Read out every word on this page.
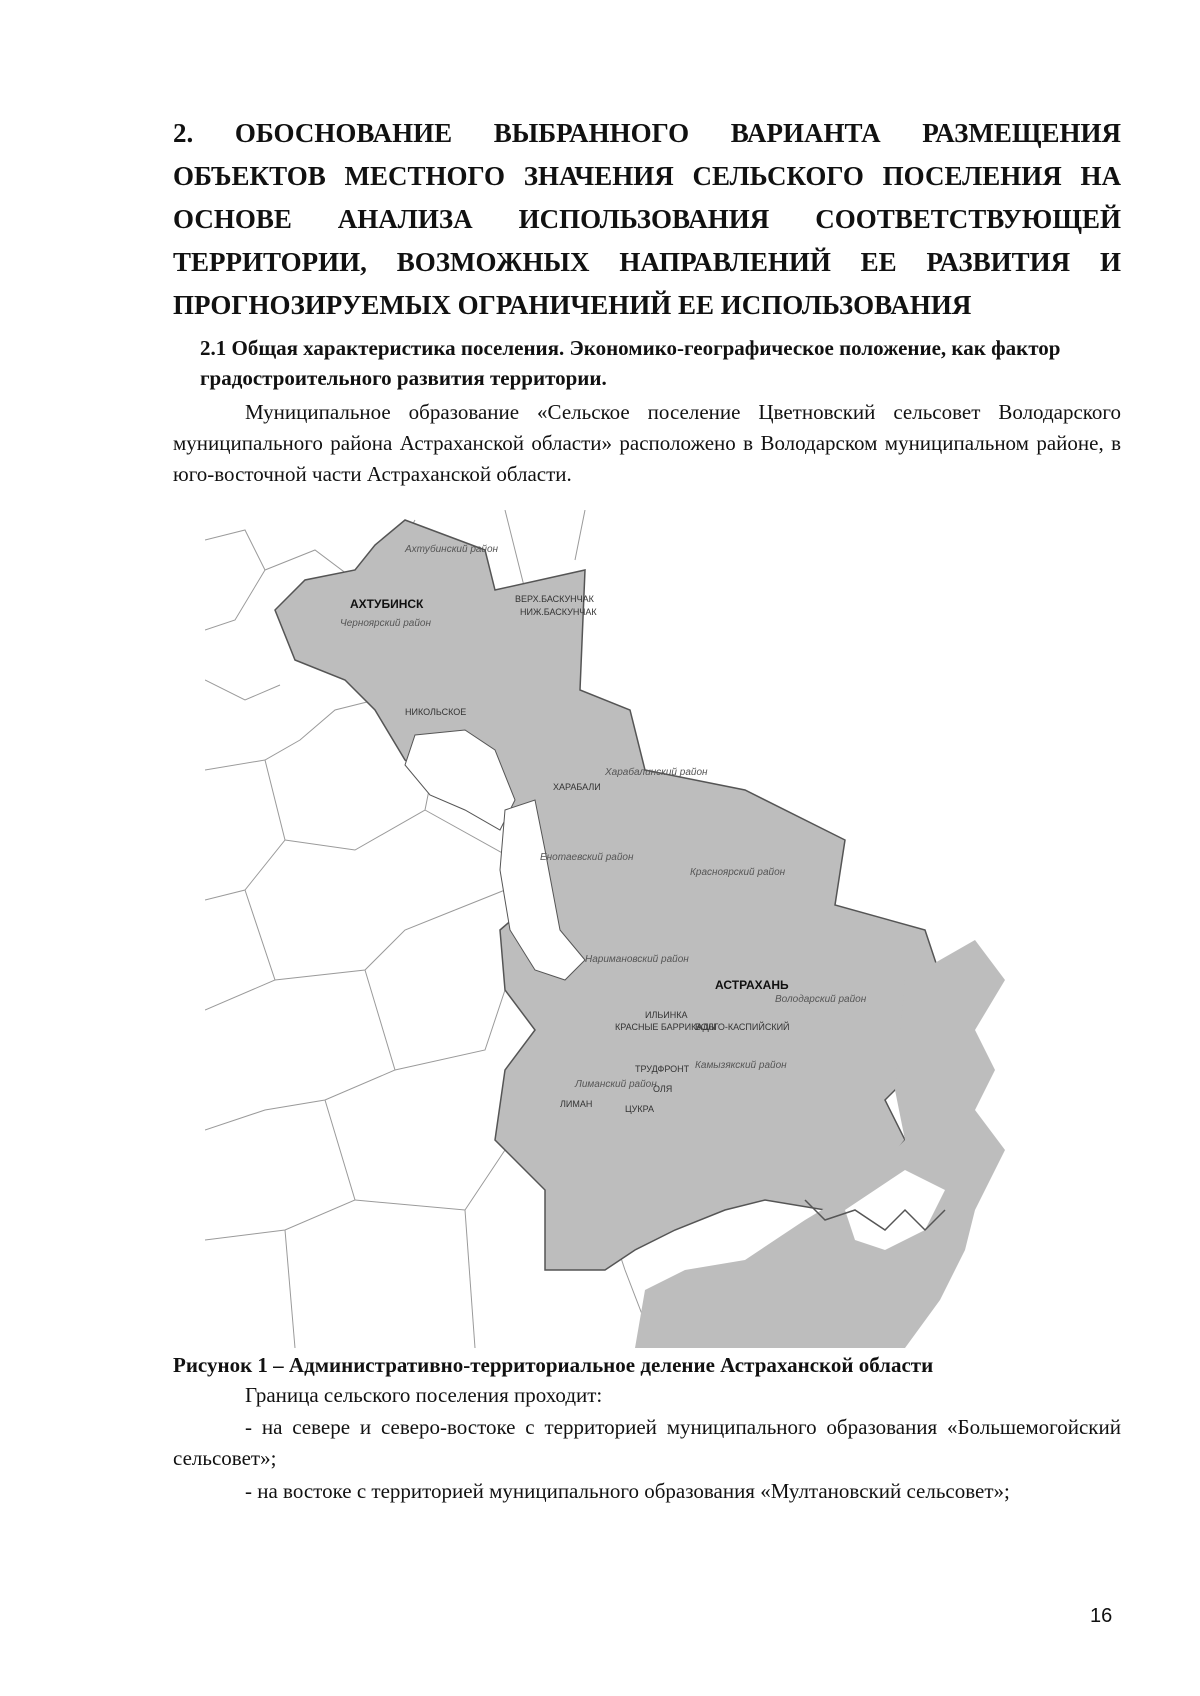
2. ОБОСНОВАНИЕ ВЫБРАННОГО ВАРИАНТА РАЗМЕЩЕНИЯ ОБЪЕКТОВ МЕСТНОГО ЗНАЧЕНИЯ СЕЛЬСКОГО ПОСЕЛЕНИЯ НА ОСНОВЕ АНАЛИЗА ИСПОЛЬЗОВАНИЯ СООТВЕТСТВУЮЩЕЙ ТЕРРИТОРИИ, ВОЗМОЖНЫХ НАПРАВЛЕНИЙ ЕЕ РАЗВИТИЯ И ПРОГНОЗИРУЕМЫХ ОГРАНИЧЕНИЙ ЕЕ ИСПОЛЬЗОВАНИЯ
2.1 Общая характеристика поселения. Экономико-географическое положение, как фактор градостроительного развития территории.
Муниципальное образование «Сельское поселение Цветновский сельсовет Володарского муниципального района Астраханской области» расположено в Володарском муниципальном районе, в юго-восточной части Астраханской области.
АХТУБИНСК
АСТРАХАНЬ
Ахтубинский район
Черноярский район
Харабалинский район
Енотаевский район
Красноярский район
Наримановский район
Володарский район
Камызякский район
Лиманский район
ВЕРХ.БАСКУНЧАК
НИЖ.БАСКУНЧАК
НИКОЛЬСКОЕ
ХАРАБАЛИ
ИЛЬИНКА
КРАСНЫЕ БАРРИКАДЫ
ВОЛГО-КАСПИЙСКИЙ
ТРУДФРОНТ
ОЛЯ
ЛИМАН	ЦУКРА
Рисунок 1 – Административно-территориальное деление Астраханской области
Граница сельского поселения проходит:
- на севере и северо-востоке с территорией муниципального образования «Большемогойский сельсовет»;
- на востоке с территорией муниципального образования «Мултановский сельсовет»;
16
